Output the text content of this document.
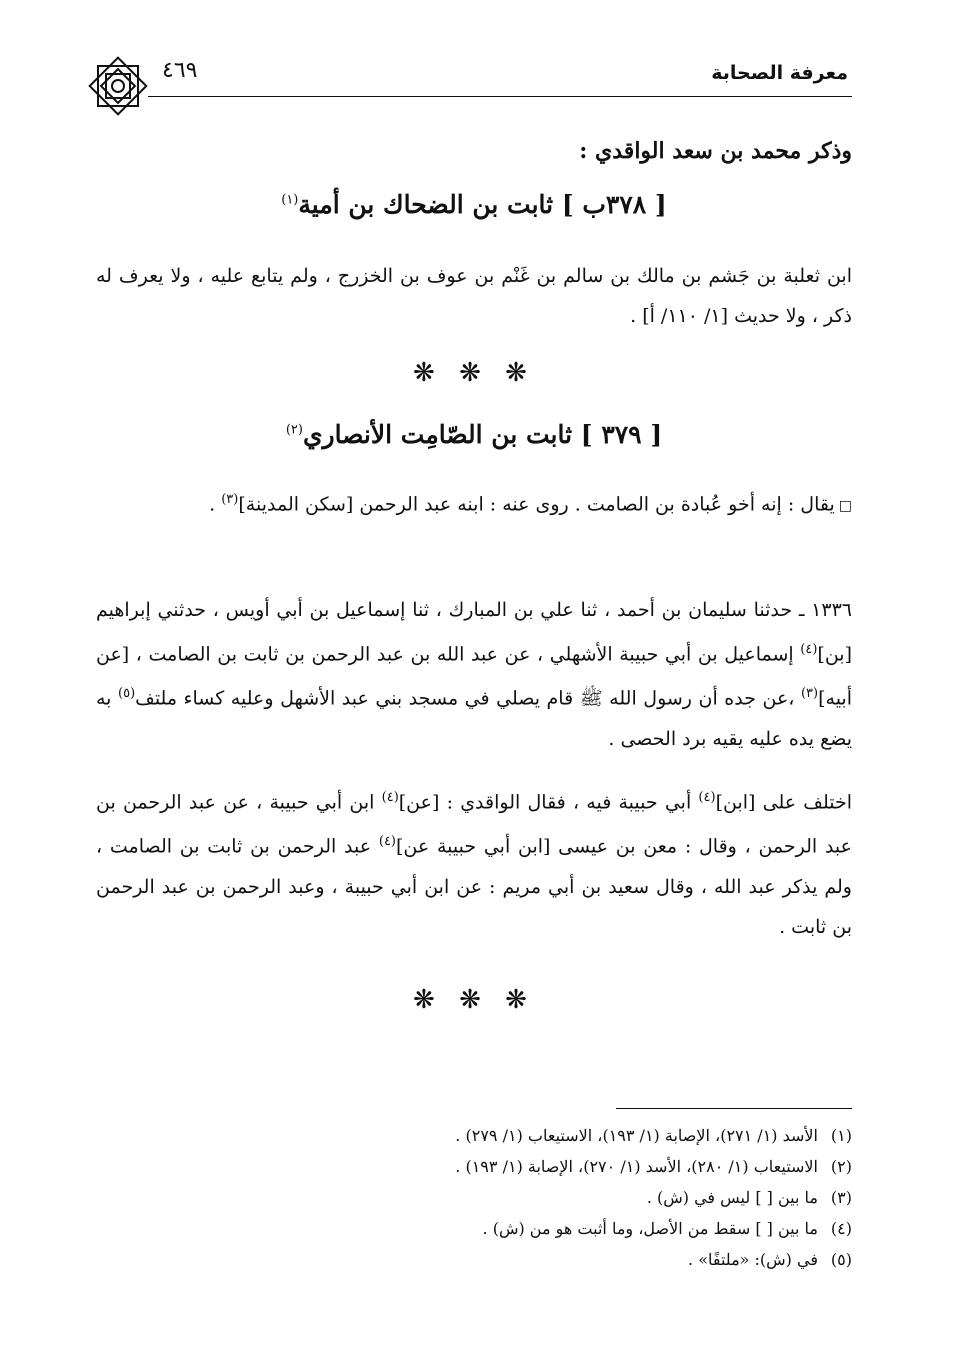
معرفة الصحابة
٤٦٩
وذكر محمد بن سعد الواقدي :
[ ٣٧٨ب ] ثابت بن الضحاك بن أمية$^{(١)}$
ابن ثعلبة بن جَشم بن مالك بن سالم بن غَنْم بن عوف بن الخزرج ، ولم يتابع عليه ، ولا يعرف له ذكر ، ولا حديث [١/ ١١٠/ أ] .
❋ ❋ ❋
[ ٣٧٩ ] ثابت بن الصّامِت الأنصاري$^{(٢)}$
□يقال : إنه أخو عُبادة بن الصامت . روى عنه : ابنه عبد الرحمن [سكن المدينة]$^{(٣)}$ .
١٣٣٦ ـ حدثنا سليمان بن أحمد ، ثنا علي بن المبارك ، ثنا إسماعيل بن أبي أويس ، حدثني إبراهيم [بن]$^{(٤)}$ إسماعيل بن أبي حبيبة الأشهلي ، عن عبد الله بن عبد الرحمن بن ثابت بن الصامت ، [عن أبيه]$^{(٣)}$ ،عن جده أن رسول الله ﷺ قام يصلي في مسجد بني عبد الأشهل وعليه كساء ملتف$^{(٥)}$ به يضع يده عليه يقيه برد الحصى .
اختلف على [ابن]$^{(٤)}$ أبي حبيبة فيه ، فقال الواقدي : [عن]$^{(٤)}$ ابن أبي حبيبة ، عن عبد الرحمن بن عبد الرحمن ، وقال : معن بن عيسى [ابن أبي حبيبة عن]$^{(٤)}$ عبد الرحمن بن ثابت بن الصامت ، ولم يذكر عبد الله ، وقال سعيد بن أبي مريم : عن ابن أبي حبيبة ، وعبد الرحمن بن عبد الرحمن بن ثابت .
❋ ❋ ❋
(١)الأسد (١/ ٢٧١)، الإصابة (١/ ١٩٣)، الاستيعاب (١/ ٢٧٩) .
(٢)الاستيعاب (١/ ٢٨٠)، الأسد (١/ ٢٧٠)، الإصابة (١/ ١٩٣) .
(٣)ما بين [ ] ليس في (ش) .
(٤)ما بين [ ] سقط من الأصل، وما أثبت هو من (ش) .
(٥)في (ش): «ملتفًا» .
